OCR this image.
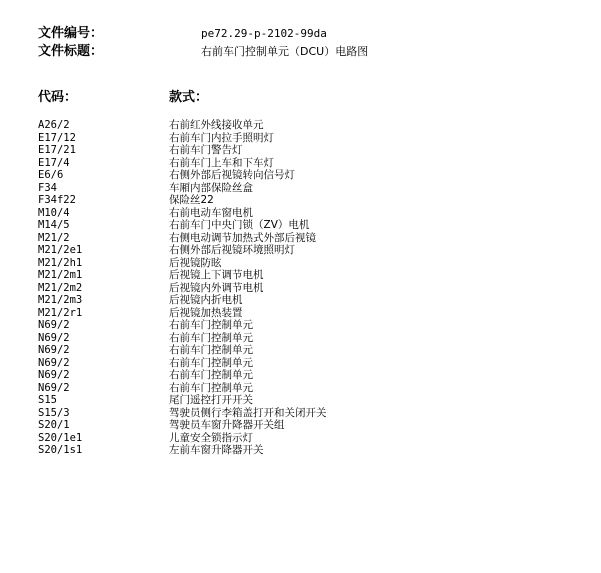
文件编号：	pe72.29-p-2102-99da
文件标题：	右前车门控制单元（DCU）电路图
代码：	款式：
A26/2	右前红外线接收单元
E17/12	右前车门内拉手照明灯
E17/21	右前车门警告灯
E17/4	右前车门上车和下车灯
E6/6	右侧外部后视镜转向信号灯
F34	车厢内部保险丝盒
F34f22	保险丝22
M10/4	右前电动车窗电机
M14/5	右前车门中央门锁（ZV）电机
M21/2	右侧电动调节加热式外部后视镜
M21/2e1	右侧外部后视镜环境照明灯
M21/2h1	后视镜防眩
M21/2m1	后视镜上下调节电机
M21/2m2	后视镜内外调节电机
M21/2m3	后视镜内折电机
M21/2r1	后视镜加热装置
N69/2	右前车门控制单元
N69/2	右前车门控制单元
N69/2	右前车门控制单元
N69/2	右前车门控制单元
N69/2	右前车门控制单元
N69/2	右前车门控制单元
S15	尾门遥控打开开关
S15/3	驾驶员侧行李箱盖打开和关闭开关
S20/1	驾驶员车窗升降器开关组
S20/1e1	儿童安全锁指示灯
S20/1s1	左前车窗升降器开关
